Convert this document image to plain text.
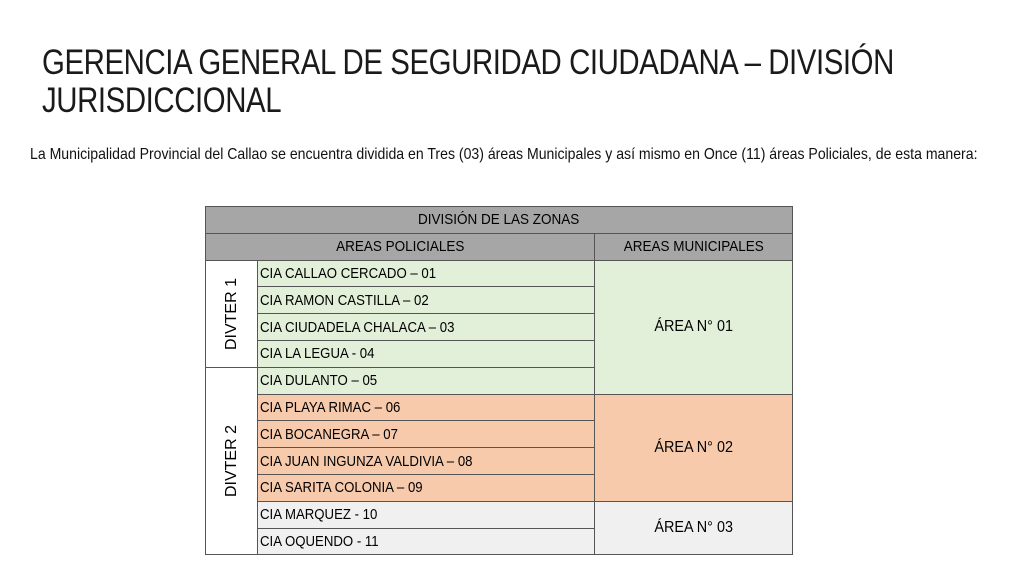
GERENCIA GENERAL DE SEGURIDAD CIUDADANA – DIVISIÓN
JURISDICCIONAL

La Municipalidad Provincial del Callao se encuentra dividida en Tres (03) áreas Municipales y así mismo en Once (11) áreas Policiales, de esta manera:

DIVISIÓN DE LAS ZONAS		
AREAS POLICIALES		AREAS MUNICIPALES

DIVTER 1	CIA CALLAO CERCADO – 01	ÁREA N° 01
	CIA RAMON CASTILLA – 02	
	CIA CIUDADELA CHALACA – 03	
	CIA LA LEGUA - 04	

DIVTER 2	CIA DULANTO – 05	
	CIA PLAYA RIMAC – 06	ÁREA N° 02
	CIA BOCANEGRA – 07	
	CIA JUAN INGUNZA VALDIVIA – 08	
	CIA SARITA COLONIA – 09	
	CIA MARQUEZ - 10	ÁREA N° 03
	CIA OQUENDO - 11	
